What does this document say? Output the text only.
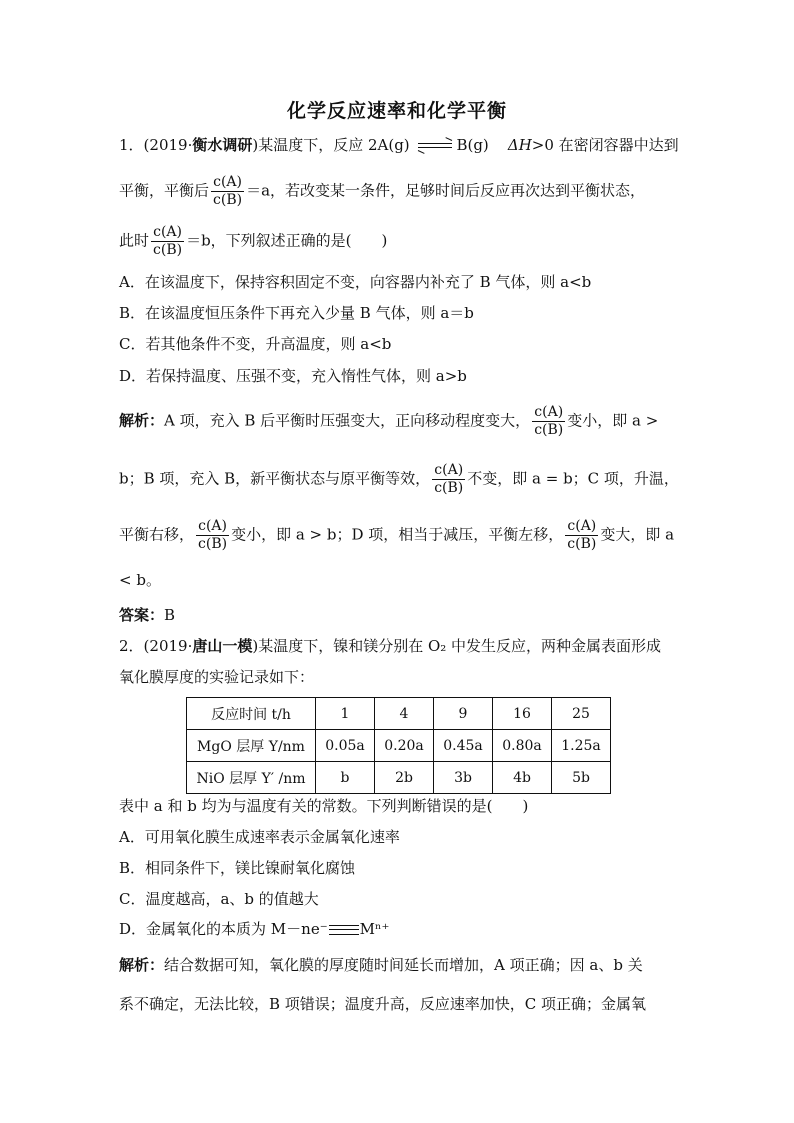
化学反应速率和化学平衡
1．(2019·衡水调研)某温度下，反应 2A(g) ⇌ B(g) ΔH>0 在密闭容器中达到
平衡，平衡后 $\frac{c(A)}{c(B)} =a$，若改变某一条件，足够时间后反应再次达到平衡状态，
此时 $\frac{c(A)}{c(B)} =b$，下列叙述正确的是(　　)
A．在该温度下，保持容积固定不变，向容器内补充了 B 气体，则 a<b
B．在该温度恒压条件下再充入少量 B 气体，则 a＝b
C．若其他条件不变，升高温度，则 a<b
D．若保持温度、压强不变，充入惰性气体，则 a>b
解析：A 项，充入 B 后平衡时压强变大，正向移动程度变大， $\frac{c(A)}{c(B)}$ 变小，即 a >
b；B 项，充入 B，新平衡状态与原平衡等效， $\frac{c(A)}{c(B)}$ 不变，即 a = b；C 项，升温，
平衡右移， $\frac{c(A)}{c(B)}$ 变小，即 a > b；D 项，相当于减压，平衡左移， $\frac{c(A)}{c(B)}$ 变大，即 a
< b。
答案：B
2．(2019·唐山一模)某温度下，镍和镁分别在 O₂ 中发生反应，两种金属表面形成
氧化膜厚度的实验记录如下：
反应时间 t/h	1	4	9	16	25
MgO 层厚 Y/nm	0.05a	0.20a	0.45a	0.80a	1.25a
NiO 层厚 Y′ /nm	b	2b	3b	4b	5b
表中 a 和 b 均为与温度有关的常数。下列判断错误的是(　　)
A．可用氧化膜生成速率表示金属氧化速率
B．相同条件下，镁比镍耐氧化腐蚀
C．温度越高，a、b 的值越大
D．金属氧化的本质为 M－ne⁻ Mⁿ⁺
解析：结合数据可知，氧化膜的厚度随时间延长而增加，A 项正确；因 a、b 关
系不确定，无法比较，B 项错误；温度升高，反应速率加快，C 项正确；金属氧
